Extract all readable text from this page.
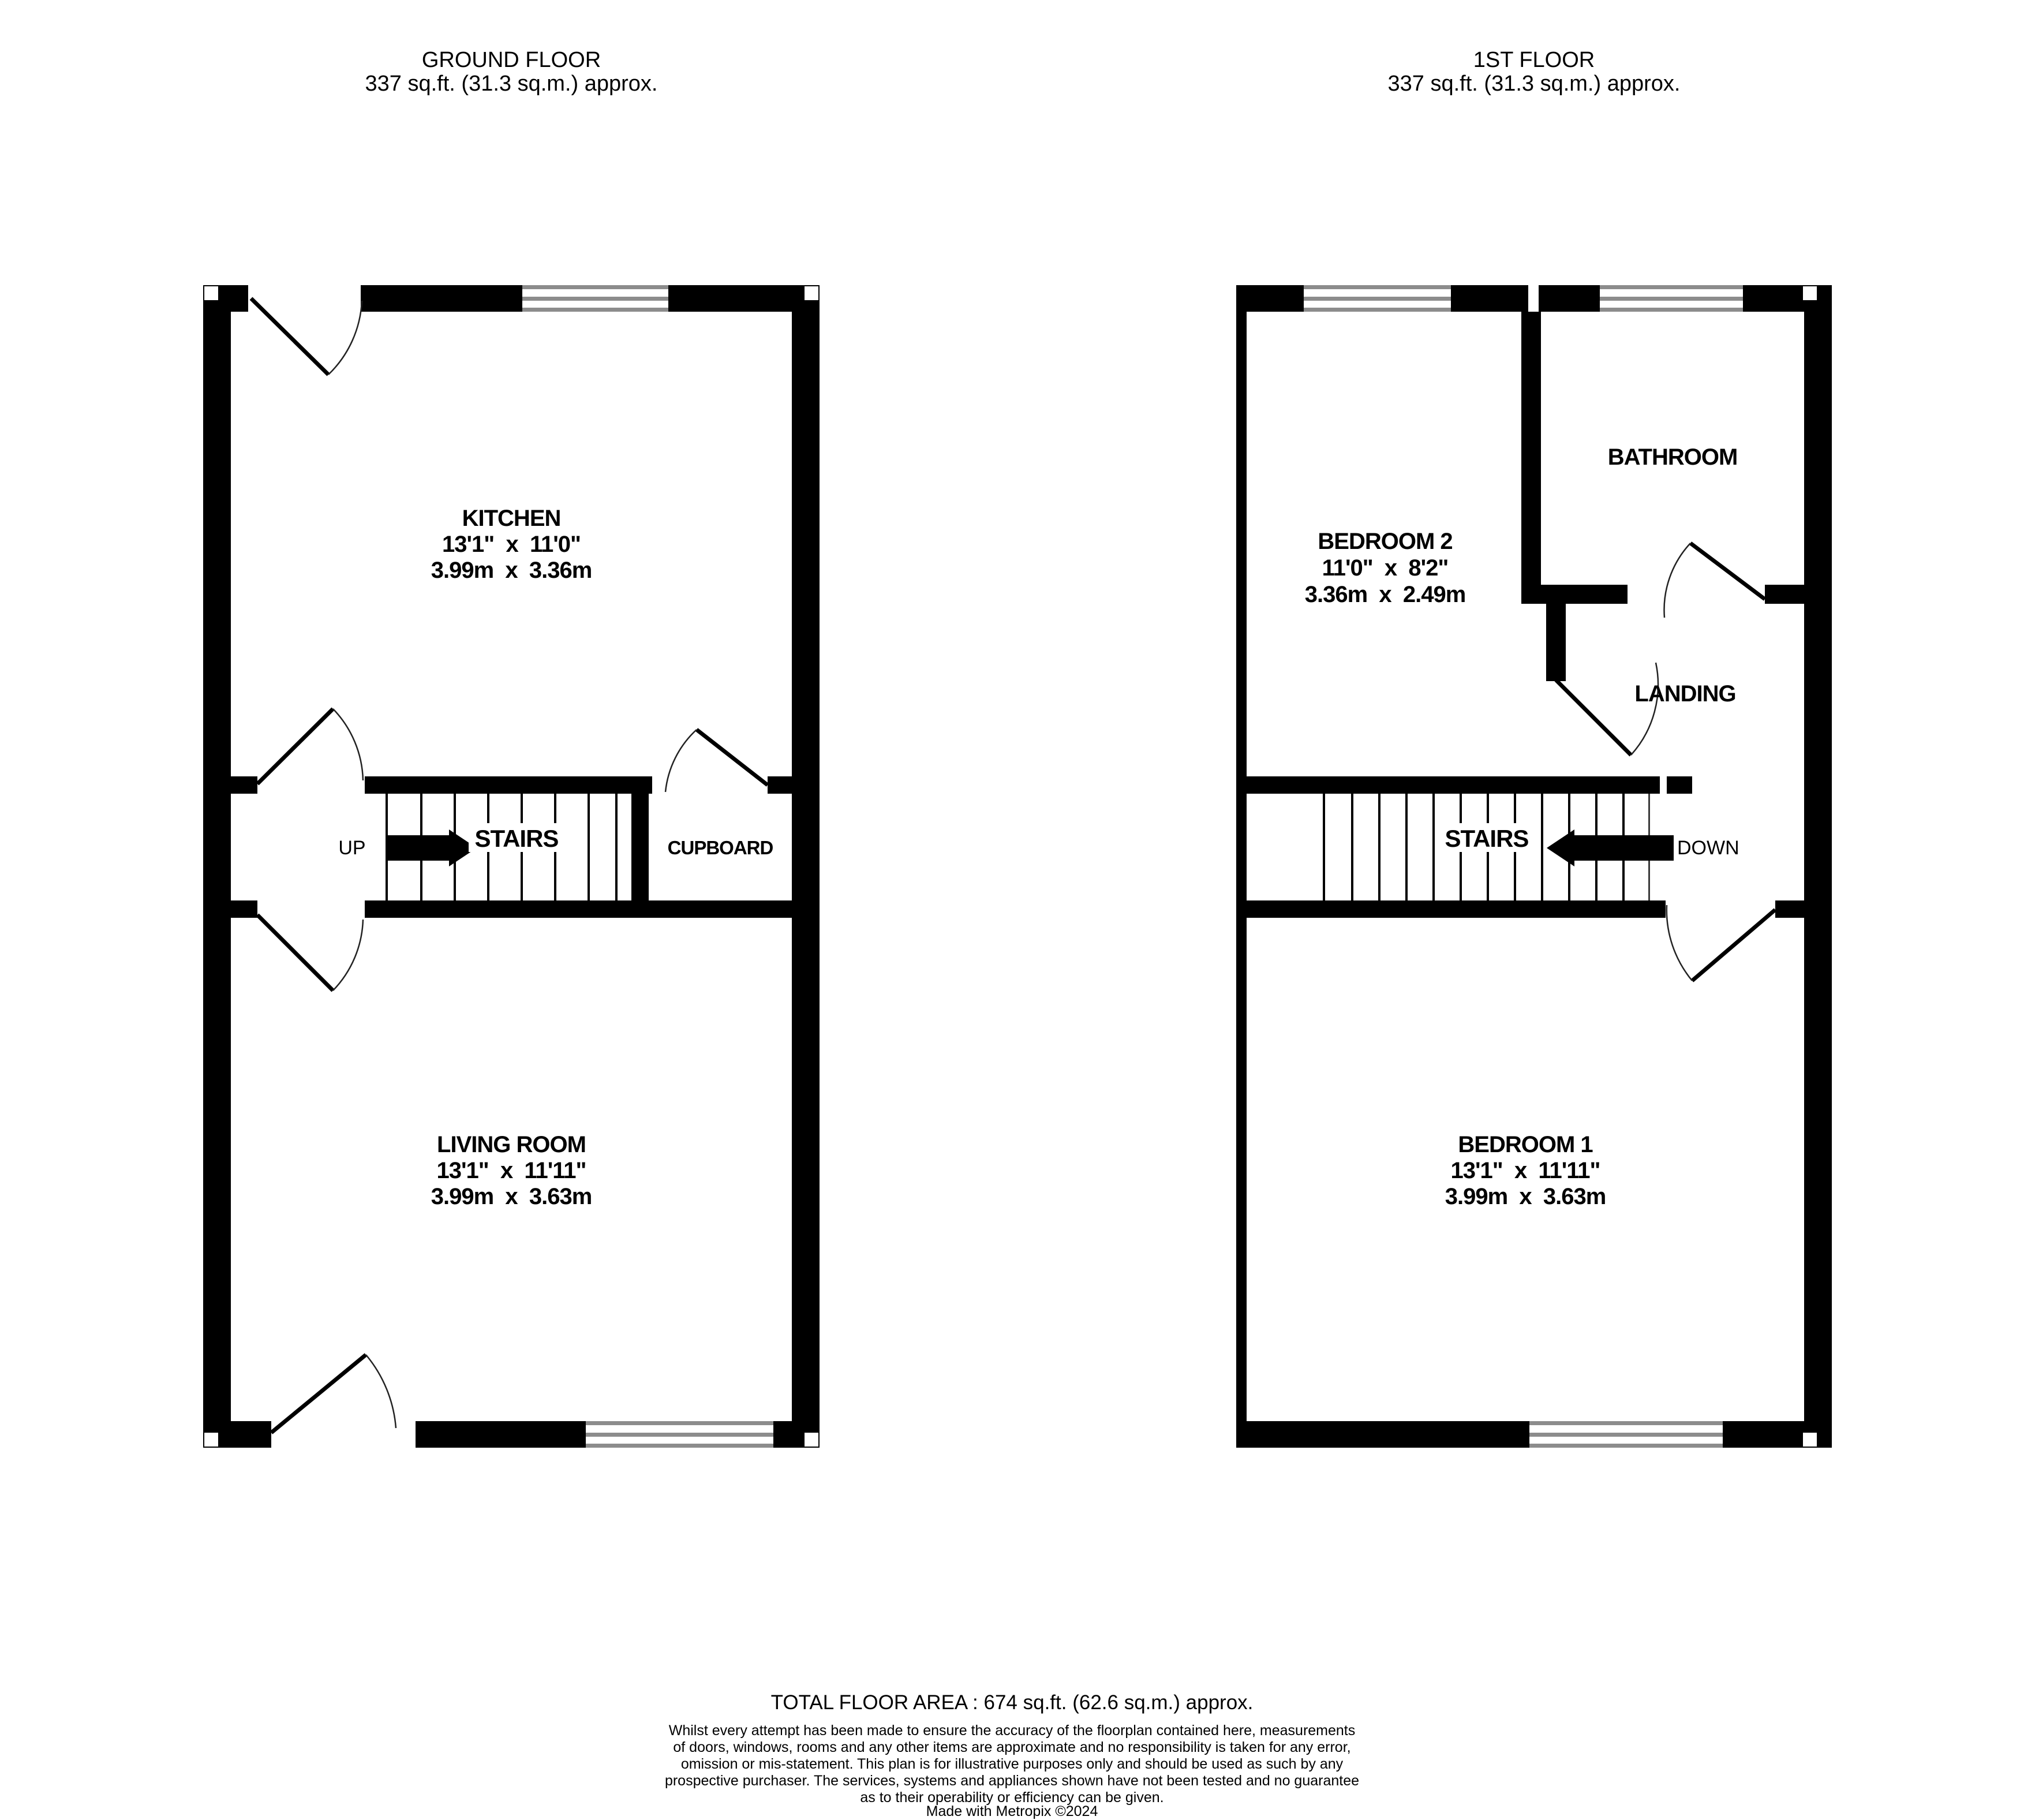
GROUND FLOOR
337 sq.ft. (31.3 sq.m.) approx.
1ST FLOOR
337 sq.ft. (31.3 sq.m.) approx.
STAIRS
UP	CUPBOARD
KITCHEN
13'1"  x  11'0"
3.99m  x  3.36m
LIVING ROOM
13'1"  x  11'11"
3.99m  x  3.63m
STAIRS	DOWN
BATHROOM
LANDING
BEDROOM 2
11'0"  x  8'2"
3.36m  x  2.49m
BEDROOM 1
13'1"  x  11'11"
3.99m  x  3.63m
TOTAL FLOOR AREA : 674 sq.ft. (62.6 sq.m.) approx.
Whilst every attempt has been made to ensure the accuracy of the floorplan contained here, measurements
of doors, windows, rooms and any other items are approximate and no responsibility is taken for any error,
omission or mis-statement. This plan is for illustrative purposes only and should be used as such by any
prospective purchaser. The services, systems and appliances shown have not been tested and no guarantee
as to their operability or efficiency can be given.
Made with Metropix ©2024
